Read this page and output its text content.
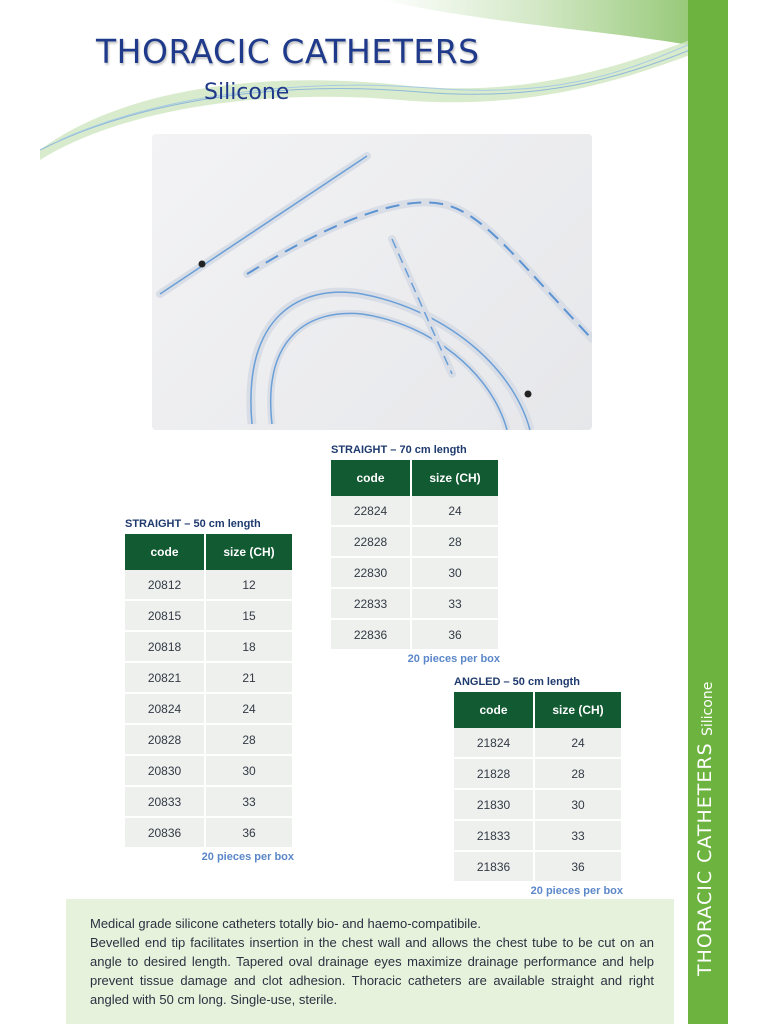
THORACIC CATHETERS
Silicone
THORACIC CATHETERS
Silicone
STRAIGHT – 70 cm length
code	size (CH)
22824	24
22828	28
22830	30
22833	33
22836	36
20 pieces per box
STRAIGHT – 50 cm length
code	size (CH)
20812	12
20815	15
20818	18
20821	21
20824	24
20828	28
20830	30
20833	33
20836	36
20 pieces per box
ANGLED – 50 cm length
code	size (CH)
21824	24
21828	28
21830	30
21833	33
21836	36
20 pieces per box

Medical grade silicone catheters totally bio- and haemo-compatibile.

Bevelled end tip facilitates insertion in the chest wall and allows the chest tube to be cut on an angle to desired length. Tapered oval drainage eyes maximize drainage performance and help prevent tissue damage and clot adhesion. Thoracic catheters are available straight and right angled with 50 cm long. Single-use, sterile.
